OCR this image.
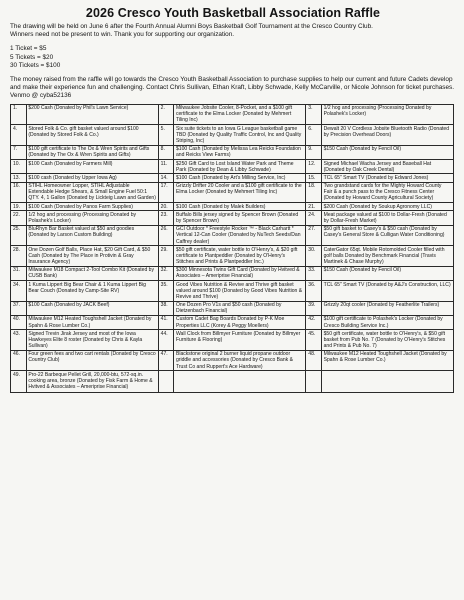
2026 Cresco Youth Basketball Association Raffle

The drawing will be held on June 6 after the Fourth Annual Alumni Boys Basketball Golf Tournament at the Cresco Country Club.
Winners need not be present to win. Thank you for supporting our organization.

1 Ticket = $5
5 Tickets = $20
30 Tickets = $100

The money raised from the raffle will go towards the Cresco Youth Basketball Association to purchase supplies to help our current and future Cadets develop and make their experience fun and challenging. Contact Chris Sullivan, Ethan Kraft, Libby Schwade, Kelly McCarville, or Nicole Johnson for ticket purchases. Venmo @ cyba52136

1.	$200 Cash (Donated by Phil's Lawn Service)	2.	Milwaukee Jobsite Cooler, 8-Pocket, and a $100 gift certificate to the Elma Locker (Donated by Mehmert Tiling Inc)	3.	1/2 hog and processing (Processing Donated by Polashek's Locker)
4.	Stored Folk & Co. gift basket valued around $100 (Donated by Stored Folk & Co.)	5.	Six suite tickets to an Iowa G League basketball game TBD (Donated by Quality Traffic Control, Inc and Quality Striping, Inc)	6.	Dewalt 20 V Cordless Jobsite Bluetooth Radio (Donated by Precision Overhead Doors)
7.	$100 gift certificate to The Ox & Wren Spirits and Gifts (Donated by The Ox & Wren Spirits and Gifts)	8.	$100 Cash (Donated by Melissa Lea Reicks Foundation and Reicks View Farms)	9.	$150 Cash (Donated by Fencil Oil)
10.	$100 Cash (Donated by Farmers Mill)	11.	$250 Gift Card to Lost Island Water Park and Theme Park (Donated by Dean & Libby Schwade)	12.	Signed Michael Wacha Jersey and Baseball Hat (Donated by Oak Creek Dental)
13.	$100 cash (Donated by Upper Iowa Ag)	14.	$100 Cash (Donated by Art's Milling Service, Inc)	15.	TCL 65" Smart TV (Donated by Edward Jones)
16.	STIHL Homeowner Lopper, STIHL Adjustable Extendable Hedge Shears, & Small Engine Fuel 50:1 QTY. 4, 1 Gallon (Donated by Lickteig Lawn and Garden)	17.	Grizzly Drifter 20 Cooler and a $100 gift certificate to the Elma Locker (Donated by Mehmert Tiling Inc)	18.	Two grandstand cards for the Mighty Howard County Fair & a punch pass to the Cresco Fitness Center (Donated by Howard County Agricultural Society)
19.	$100 Cash (Donated by Panos Farm Supplies)	20.	$100 Cash (Donated by Malek Builders)	21.	$200 Cash (Donated by Soukup Agronomy LLC)
22.	1/2 hog and processing (Processing Donated by Polashek's Locker)	23.	Buffalo Bills jersey signed by Spencer Brown (Donated by Spencer Brown)	24.	Meat package valued at $100 to Dollar-Fresh (Donated by Dollar-Fresh Market)
25.	BluRhyn Bar Basket valued at $50 and goodies (Donated by Larson Custom Building)	26.	GCI Outdoor * Freestyle Rocker ™ - Black Carhartt * Vertical 12-Can Cooler (Donated by NuTech Seeds/Dan Caffrey dealer)	27.	$50 gift basket to Casey's & $50 cash (Donated by Casey's General Store & Culligan Water Conditioning)
28.	One Dozen Golf Balls, Place Hat, $20 Gift Card, & $50 Cash (Donated by The Place in Protivin & Gray Insurance Agency)	29.	$50 gift certificate, water bottle to O'Henry's, & $20 gift certificate to Plantpeddler (Donated by O'Henry's Stitches and Prints & Plantpeddler Inc.)	30.	CaterGator 65qt. Mobile Rotomolded Cooler filled with golf balls Donated by Benchmark Financial (Travis Martinek & Chase Murphy)
31.	Milwaukee M18 Compact 2-Tool Combo Kit (Donated by CUSB Bank)	32.	$300 Minnesota Twins Gift Card (Donated by Hvitved & Associates – Ameriprise Financial)	33.	$150 Cash (Donated by Fencil Oil)
34.	1 Kuma Lippert Big Bear Chair & 1 Kuma Lippert Big Bear Couch (Donated by Camp-Site RV)	35.	Good Vibes Nutrition & Revive and Thrive gift basket valued around $100 (Donated by Good Vibes Nutrition & Revive and Thrive)	36.	TCL 65" Smart TV (Donated by A&J's Construction, LLC)
37.	$100 Cash (Donated by JACK Beef)	38.	One Dozen Pro V1s and $50 cash (Donated by Dietzenbach Financial)	39.	Grizzly 20qt cooler (Donated by Featherlite Trailers)
40.	Milwaukee M12 Heated Toughshell Jacket (Donated by Spahn & Rose Lumber Co.)	41.	Custom Cadet Bag Boards Donated by P-K Moe Properties LLC (Korey & Peggy Moellers)	42.	$100 gift certificate to Polashek's Locker (Donated by Cresco Building Service Inc.)
43.	Signed Trevin Jirak Jersey and most of the Iowa Hawkeyes Elite 8 roster (Donated by Chris & Kayla Sullivan)	44.	Wall Clock from Billmyer Furniture (Donated by Billmyer Furniture & Flooring)	45.	$50 gift certificate, water bottle to O'Henry's, & $50 gift basket from Pub No. 7 (Donated by O'Henry's Stitches and Prints & Pub No. 7)
46.	Four green fees and two cart rentals (Donated by Cresco Country Club)	47.	Blackstone original 2 burner liquid propane outdoor griddle and accessories (Donated by Cresco Bank & Trust Co and Ruppert's Ace Hardware)	48.	Milwaukee M12 Heated Toughshell Jacket (Donated by Spahn & Rose Lumber Co.)
49.	Pro-22 Barbeque Pellet Grill, 20,000-btu, 572-sq.in. cooking area, bronze (Donated by Fisk Farm & Home & Hvitved & Associates – Ameriprise Financial)				
